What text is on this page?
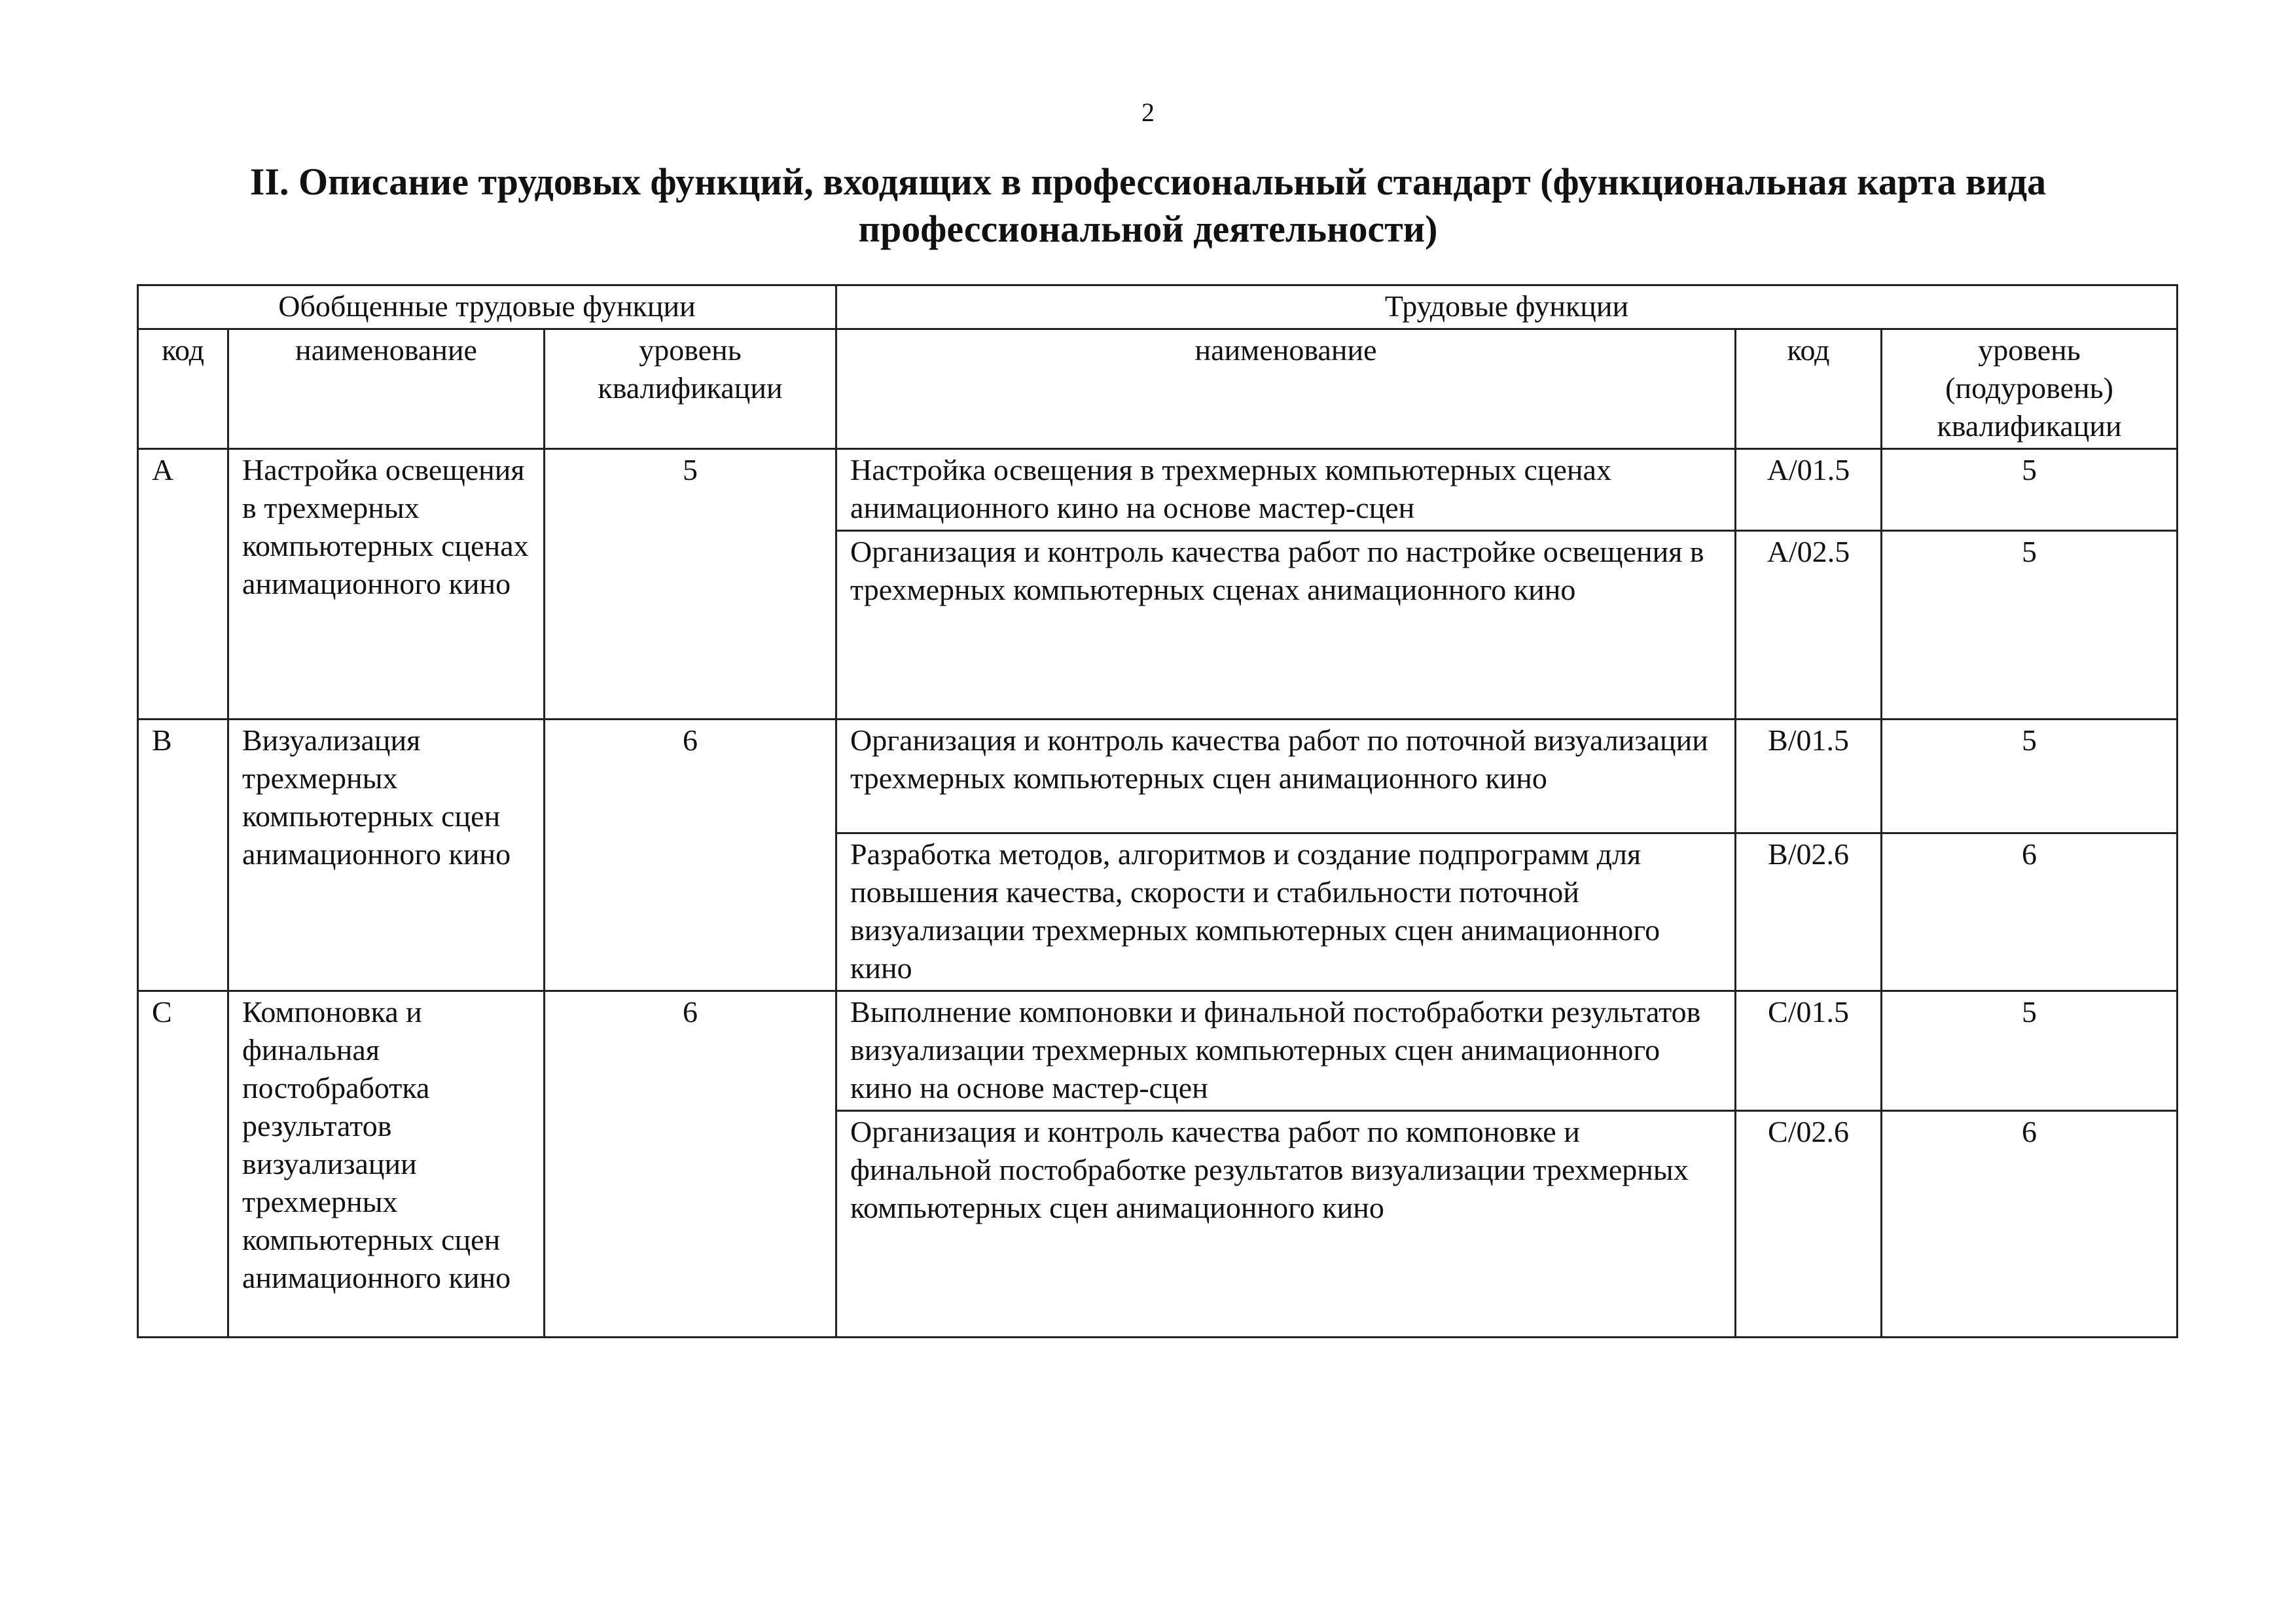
2
II. Описание трудовых функций, входящих в профессиональный стандарт (функциональная карта вида
профессиональной деятельности)
Обобщенные трудовые функции			Трудовые функции		
код	наименование	уровень квалификации	наименование	код	уровень (подуровень) квалификации
A	Настройка освещения в трехмерных компьютерных сценах анимационного кино	5	Настройка освещения в трехмерных компьютерных сценах анимационного кино на основе мастер-сцен	A/01.5	5
			Организация и контроль качества работ по настройке освещения в трехмерных компьютерных сценах анимационного кино	A/02.5	5
B	Визуализация трехмерных компьютерных сцен анимационного кино	6	Организация и контроль качества работ по поточной визуализации трехмерных компьютерных сцен анимационного кино	B/01.5	5
			Разработка методов, алгоритмов и создание подпрограмм для повышения качества, скорости и стабильности поточной визуализации трехмерных компьютерных сцен анимационного кино	B/02.6	6
C	Компоновка и финальная постобработка результатов визуализации трехмерных компьютерных сцен анимационного кино	6	Выполнение компоновки и финальной постобработки результатов визуализации трехмерных компьютерных сцен анимационного кино на основе мастер-сцен	C/01.5	5
			Организация и контроль качества работ по компоновке и финальной постобработке результатов визуализации трехмерных компьютерных сцен анимационного кино	C/02.6	6
